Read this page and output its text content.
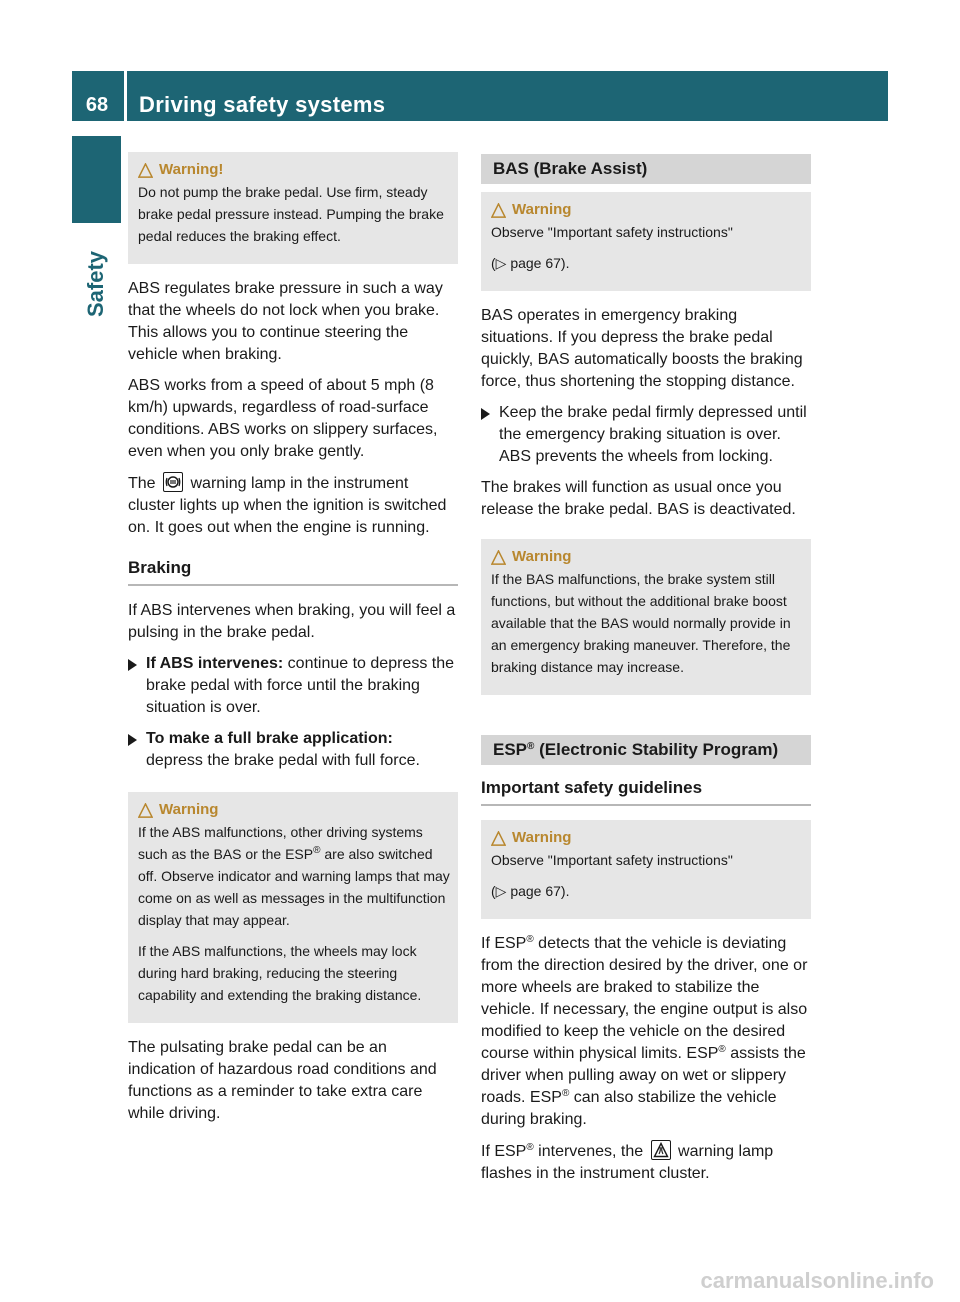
68	Driving safety systems
Safety
Warning!

Do not pump the brake pedal. Use firm, steady brake pedal pressure instead. Pumping the brake pedal reduces the braking effect.

ABS regulates brake pressure in such a way that the wheels do not lock when you brake. This allows you to continue steering the vehicle when braking.

ABS works from a speed of about 5 mph (8 km/h) upwards, regardless of road-surface conditions. ABS works on slippery surfaces, even when you only brake gently.

The warning lamp in the instrument cluster lights up when the ignition is switched on. It goes out when the engine is running.

Braking

If ABS intervenes when braking, you will feel a pulsing in the brake pedal.

If ABS intervenes: continue to depress the brake pedal with force until the braking situation is over.
To make a full brake application:
depress the brake pedal with full force.
Warning

If the ABS malfunctions, other driving systems such as the BAS or the ESP® are also switched off. Observe indicator and warning lamps that may come on as well as messages in the multifunction display that may appear.

If the ABS malfunctions, the wheels may lock during hard braking, reducing the steering capability and extending the braking distance.

The pulsating brake pedal can be an indication of hazardous road conditions and functions as a reminder to take extra care while driving.

BAS (Brake Assist)
Warning

Observe "Important safety instructions"

(▷ page 67).

BAS operates in emergency braking situations. If you depress the brake pedal quickly, BAS automatically boosts the braking force, thus shortening the stopping distance.

Keep the brake pedal firmly depressed until the emergency braking situation is over. ABS prevents the wheels from locking.

The brakes will function as usual once you release the brake pedal. BAS is deactivated.

Warning

If the BAS malfunctions, the brake system still functions, but without the additional brake boost available that the BAS would normally provide in an emergency braking maneuver. Therefore, the braking distance may increase.

ESP® (Electronic Stability Program)
Important safety guidelines
Warning

Observe "Important safety instructions"

(▷ page 67).

If ESP® detects that the vehicle is deviating from the direction desired by the driver, one or more wheels are braked to stabilize the vehicle. If necessary, the engine output is also modified to keep the vehicle on the desired course within physical limits. ESP® assists the driver when pulling away on wet or slippery roads. ESP® can also stabilize the vehicle during braking.

If ESP® intervenes, the warning lamp flashes in the instrument cluster.

carmanualsonline.info
